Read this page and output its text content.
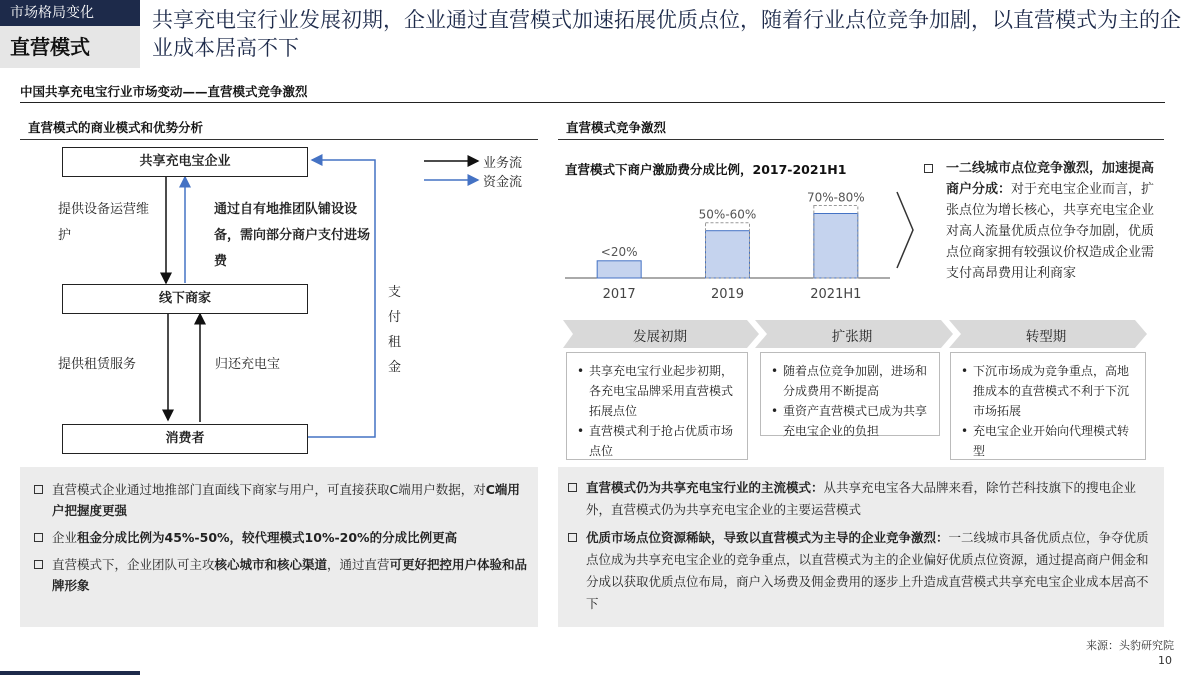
市场格局变化
直营模式
共享充电宝行业发展初期，企业通过直营模式加速拓展优质点位，随着行业点位竞争加剧，以直营模式为主的企业成本居高不下
中国共享充电宝行业市场变动——直营模式竞争激烈
直营模式的商业模式和优势分析
共享充电宝企业
线下商家
消费者
提供设备运营维护
通过自有地推团队铺设设备，需向部分商户支付进场费
提供租赁服务	归还充电宝
支付租金
业务流
资金流

直营模式企业通过地推部门直面线下商家与用户，可直接获取C端用户数据，对C端用户把握度更强

企业租金分成比例为45%-50%，较代理模式10%-20%的分成比例更高

直营模式下，企业团队可主攻核心城市和核心渠道，通过直营可更好把控用户体验和品牌形象

直营模式竞争激烈
直营模式下商户激励费分成比例，2017-2021H1
<20%
2017
50%-60%
2019
70%-80%
2021H1
一二线城市点位竞争激烈，加速提高商户分成：对于充电宝企业而言，扩张点位为增长核心，共享充电宝企业对高人流量优质点位争夺加剧，优质点位商家拥有较强议价权造成企业需支付高昂费用让利商家
发展初期	扩张期	转型期
• 共享充电宝行业起步初期，各充电宝品牌采用直营模式拓展点位
• 直营模式利于抢占优质市场点位
• 随着点位竞争加剧，进场和分成费用不断提高
• 重资产直营模式已成为共享充电宝企业的负担
• 下沉市场成为竞争重点，高地推成本的直营模式不利于下沉市场拓展
• 充电宝企业开始向代理模式转型

直营模式仍为共享充电宝行业的主流模式：从共享充电宝各大品牌来看，除竹芒科技旗下的搜电企业外，直营模式仍为共享充电宝企业的主要运营模式

优质市场点位资源稀缺，导致以直营模式为主导的企业竞争激烈：一二线城市具备优质点位，争夺优质点位成为共享充电宝企业的竞争重点，以直营模式为主的企业偏好优质点位资源，通过提高商户佣金和分成以获取优质点位布局，商户入场费及佣金费用的逐步上升造成直营模式共享充电宝企业成本居高不下

来源：头豹研究院
10
